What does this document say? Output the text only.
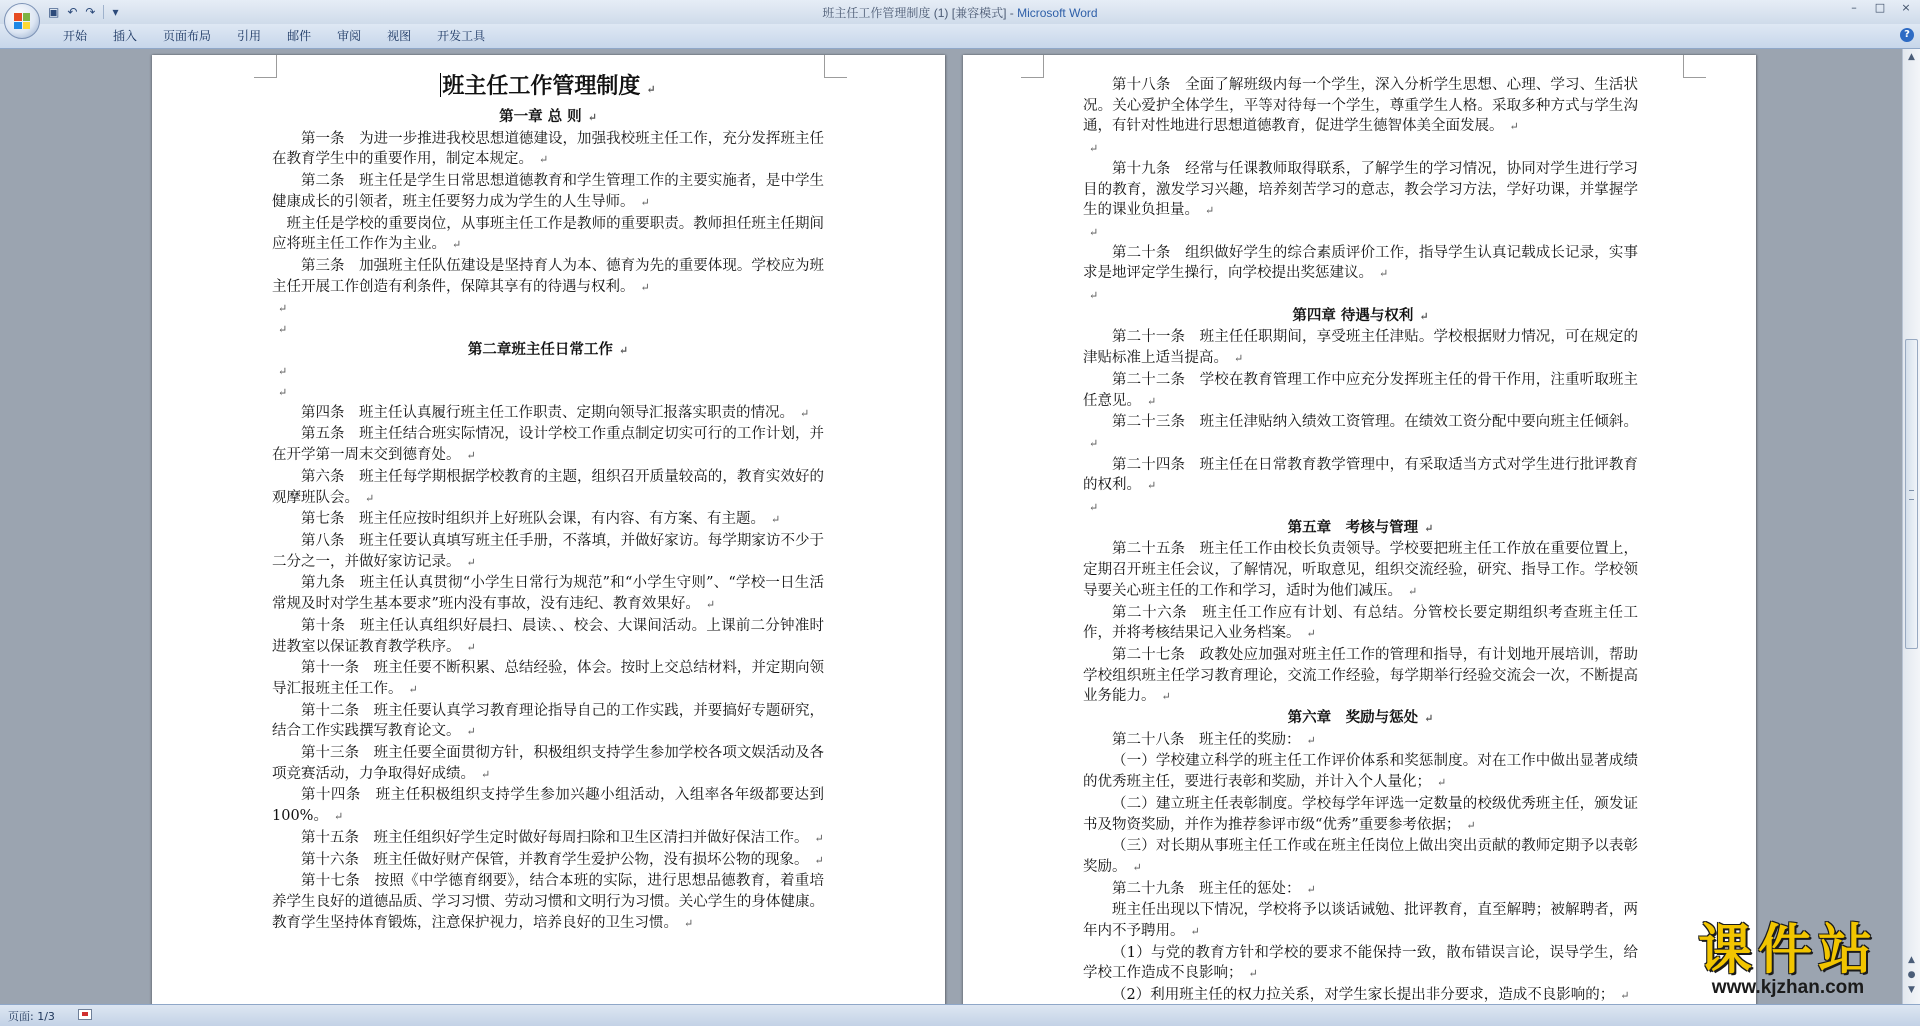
▣ ↶ ↷ ▾	班主任工作管理制度 (1) [兼容模式] - Microsoft Word	–	□	×
开始	插入	页面布局	引用	邮件	审阅	视图	开发工具	?

班主任工作管理制度 ↵

第一章 总 则 ↵

第一条　为进一步推进我校思想道德建设，加强我校班主任工作，充分发挥班主任在教育学生中的重要作用，制定本规定。 ↵

第二条　班主任是学生日常思想道德教育和学生管理工作的主要实施者，是中学生健康成长的引领者，班主任要努力成为学生的人生导师。 ↵

班主任是学校的重要岗位，从事班主任工作是教师的重要职责。教师担任班主任期间应将班主任工作作为主业。 ↵

第三条　加强班主任队伍建设是坚持育人为本、德育为先的重要体现。学校应为班主任开展工作创造有利条件，保障其享有的待遇与权利。 ↵

↵

↵

第二章班主任日常工作 ↵

↵

↵

第四条　班主任认真履行班主任工作职责、定期向领导汇报落实职责的情况。 ↵

第五条　班主任结合班实际情况，设计学校工作重点制定切实可行的工作计划，并在开学第一周末交到德育处。 ↵

第六条　班主任每学期根据学校教育的主题，组织召开质量较高的，教育实效好的观摩班队会。 ↵

第七条　班主任应按时组织并上好班队会课，有内容、有方案、有主题。 ↵

第八条　班主任要认真填写班主任手册，不落填，并做好家访。每学期家访不少于二分之一，并做好家访记录。 ↵

第九条　班主任认真贯彻“小学生日常行为规范”和“小学生守则”、“学校一日生活常规及时对学生基本要求”班内没有事故，没有违纪、教育效果好。 ↵

第十条　班主任认真组织好晨扫、晨读、、校会、大课间活动。上课前二分钟准时进教室以保证教育教学秩序。 ↵

第十一条　班主任要不断积累、总结经验，体会。按时上交总结材料，并定期向领导汇报班主任工作。 ↵

第十二条　班主任要认真学习教育理论指导自己的工作实践，并要搞好专题研究，结合工作实践撰写教育论文。 ↵

第十三条　班主任要全面贯彻方针，积极组织支持学生参加学校各项文娱活动及各项竞赛活动，力争取得好成绩。 ↵

第十四条　班主任积极组织支持学生参加兴趣小组活动，入组率各年级都要达到 100%。 ↵

第十五条　班主任组织好学生定时做好每周扫除和卫生区清扫并做好保洁工作。 ↵

第十六条　班主任做好财产保管，并教育学生爱护公物，没有损坏公物的现象。 ↵

第十七条　按照《中学德育纲要》，结合本班的实际，进行思想品德教育，着重培养学生良好的道德品质、学习习惯、劳动习惯和文明行为习惯。关心学生的身体健康。教育学生坚持体育锻炼，注意保护视力，培养良好的卫生习惯。 ↵

第十八条　全面了解班级内每一个学生，深入分析学生思想、心理、学习、生活状况。关心爱护全体学生，平等对待每一个学生，尊重学生人格。采取多种方式与学生沟通，有针对性地进行思想道德教育，促进学生德智体美全面发展。 ↵

↵

第十九条　经常与任课教师取得联系，了解学生的学习情况，协同对学生进行学习目的教育，激发学习兴趣，培养刻苦学习的意志，教会学习方法，学好功课，并掌握学生的课业负担量。 ↵

↵

第二十条　组织做好学生的综合素质评价工作，指导学生认真记载成长记录，实事求是地评定学生操行，向学校提出奖惩建议。 ↵

↵

第四章 待遇与权利 ↵

第二十一条　班主任任职期间，享受班主任津贴。学校根据财力情况，可在规定的津贴标准上适当提高。 ↵

第二十二条　学校在教育管理工作中应充分发挥班主任的骨干作用，注重听取班主任意见。 ↵

第二十三条　班主任津贴纳入绩效工资管理。在绩效工资分配中要向班主任倾斜。↵

第二十四条　班主任在日常教育教学管理中，有采取适当方式对学生进行批评教育的权利。 ↵

↵

第五章　考核与管理 ↵

第二十五条　班主任工作由校长负责领导。学校要把班主任工作放在重要位置上，定期召开班主任会议，了解情况，听取意见，组织交流经验，研究、指导工作。学校领导要关心班主任的工作和学习，适时为他们减压。 ↵

第二十六条　班主任工作应有计划、有总结。分管校长要定期组织考查班主任工作，并将考核结果记入业务档案。 ↵

第二十七条　政教处应加强对班主任工作的管理和指导，有计划地开展培训，帮助学校组织班主任学习教育理论，交流工作经验，每学期举行经验交流会一次，不断提高业务能力。 ↵

第六章　奖励与惩处 ↵

第二十八条　班主任的奖励： ↵

（一）学校建立科学的班主任工作评价体系和奖惩制度。对在工作中做出显著成绩的优秀班主任，要进行表彰和奖励，并计入个人量化； ↵

（二）建立班主任表彰制度。学校每学年评选一定数量的校级优秀班主任，颁发证书及物资奖励，并作为推荐参评市级“优秀”重要参考依据； ↵

（三）对长期从事班主任工作或在班主任岗位上做出突出贡献的教师定期予以表彰奖励。 ↵

第二十九条　班主任的惩处： ↵

班主任出现以下情况，学校将予以谈话诫勉、批评教育，直至解聘；被解聘者，两年内不予聘用。 ↵

（1）与党的教育方针和学校的要求不能保持一致，散布错误言论，误导学生，给学校工作造成不良影响； ↵

（2）利用班主任的权力拉关系，对学生家长提出非分要求，造成不良影响的； ↵

▲
▲
●
▼
页面: 1/3
课件站
www.kjzhan.com
